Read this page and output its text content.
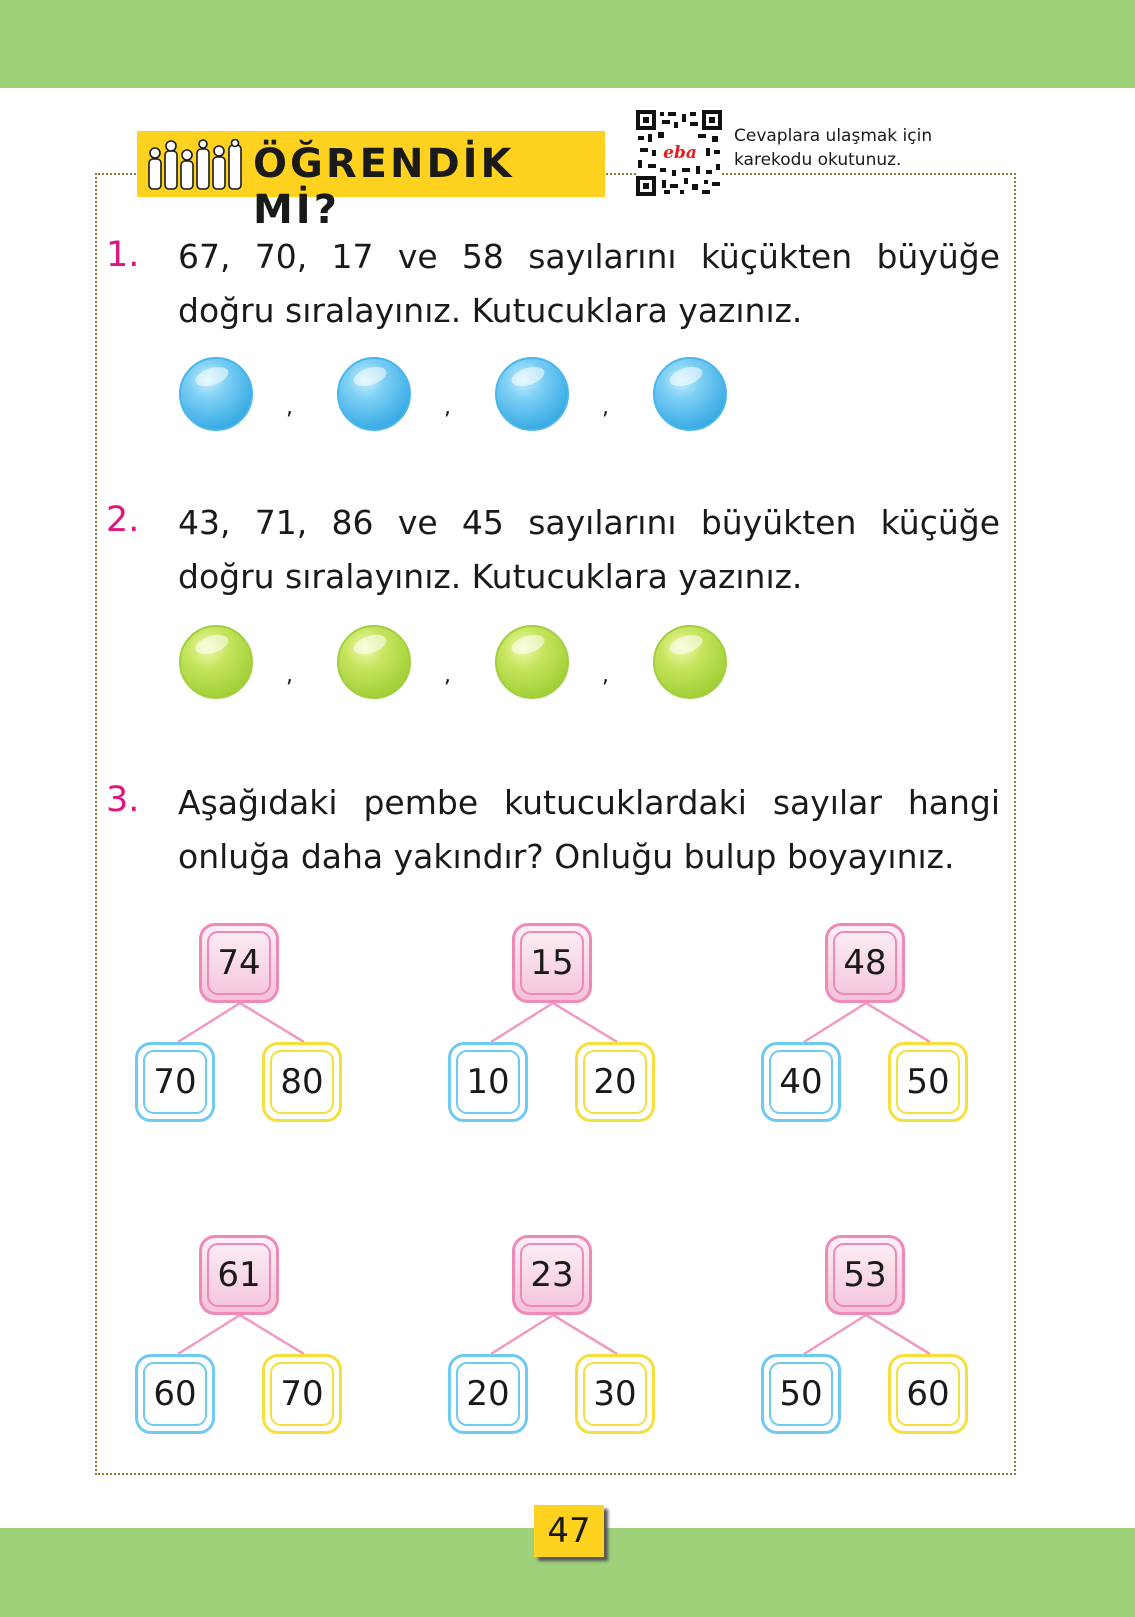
ÖĞRENDİK Mİ?
eba
Cevaplara ulaşmak için karekodu okutunuz.
1. 67, 70, 17 ve 58 sayılarını küçükten büyüğe doğru sıralayınız. Kutucuklara yazınız.
,	,	,
2. 43, 71, 86 ve 45 sayılarını büyükten küçüğe doğru sıralayınız. Kutucuklara yazınız.
,	,	,
3. Aşağıdaki pembe kutucuklardaki sayılar hangi onluğa daha yakındır? Onluğu bulup boyayınız.
74
70 80
15
10 20
48
40 50
61
60 70
23
20 30
53
50 60
47
